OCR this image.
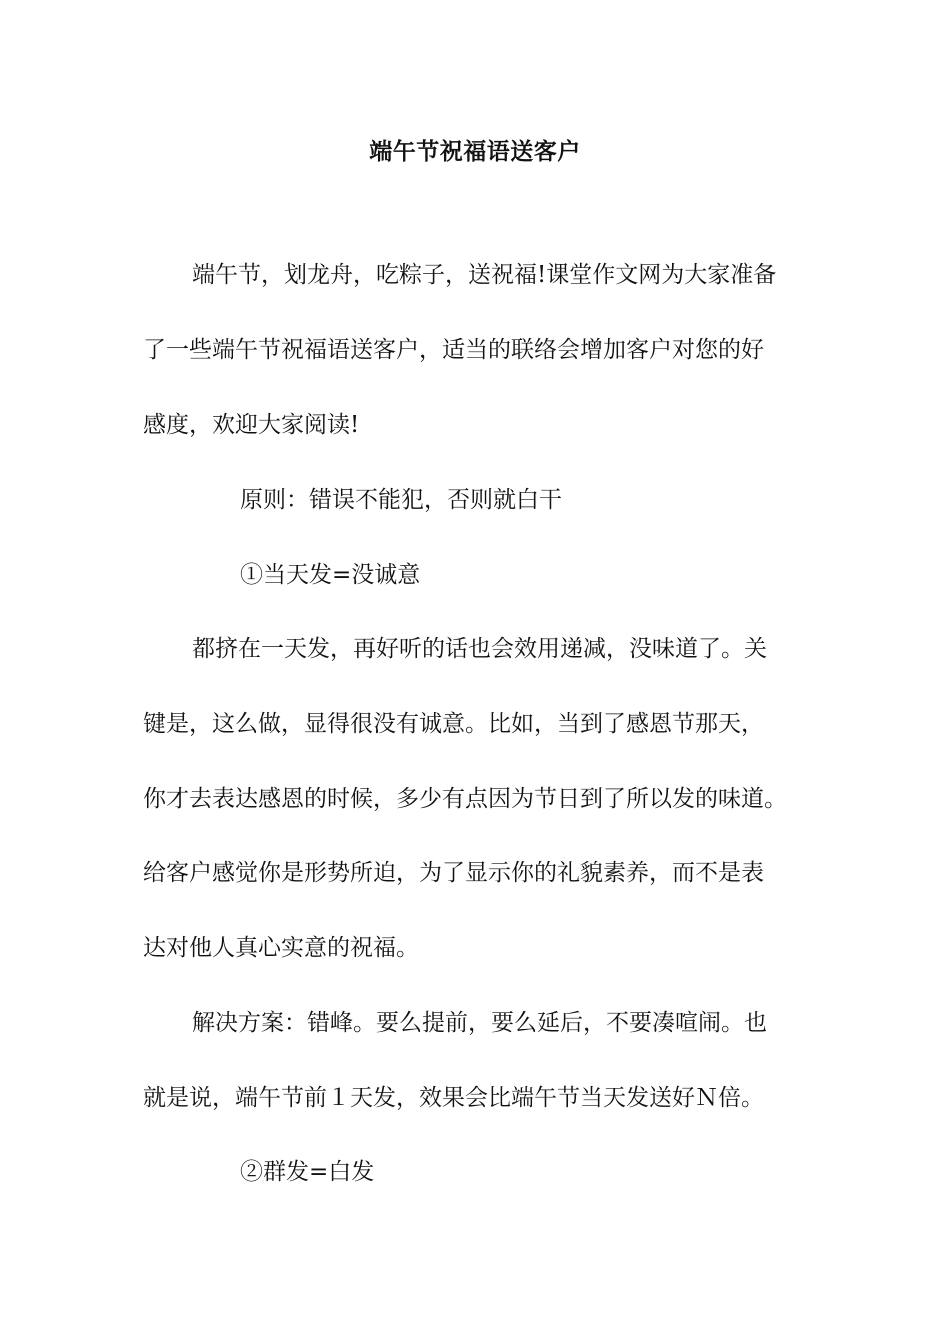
端午节祝福语送客户
端午节，划龙舟，吃粽子，送祝福!课堂作文网为大家准备
了一些端午节祝福语送客户，适当的联络会增加客户对您的好
感度，欢迎大家阅读!
原则：错误不能犯，否则就白干
①当天发=没诚意
都挤在一天发，再好听的话也会效用递减，没味道了。关
键是，这么做，显得很没有诚意。比如，当到了感恩节那天，
你才去表达感恩的时候，多少有点因为节日到了所以发的味道。
给客户感觉你是形势所迫，为了显示你的礼貌素养，而不是表
达对他人真心实意的祝福。
解决方案：错峰。要么提前，要么延后，不要凑喧闹。也
就是说，端午节前１天发，效果会比端午节当天发送好Ｎ倍。
②群发=白发
